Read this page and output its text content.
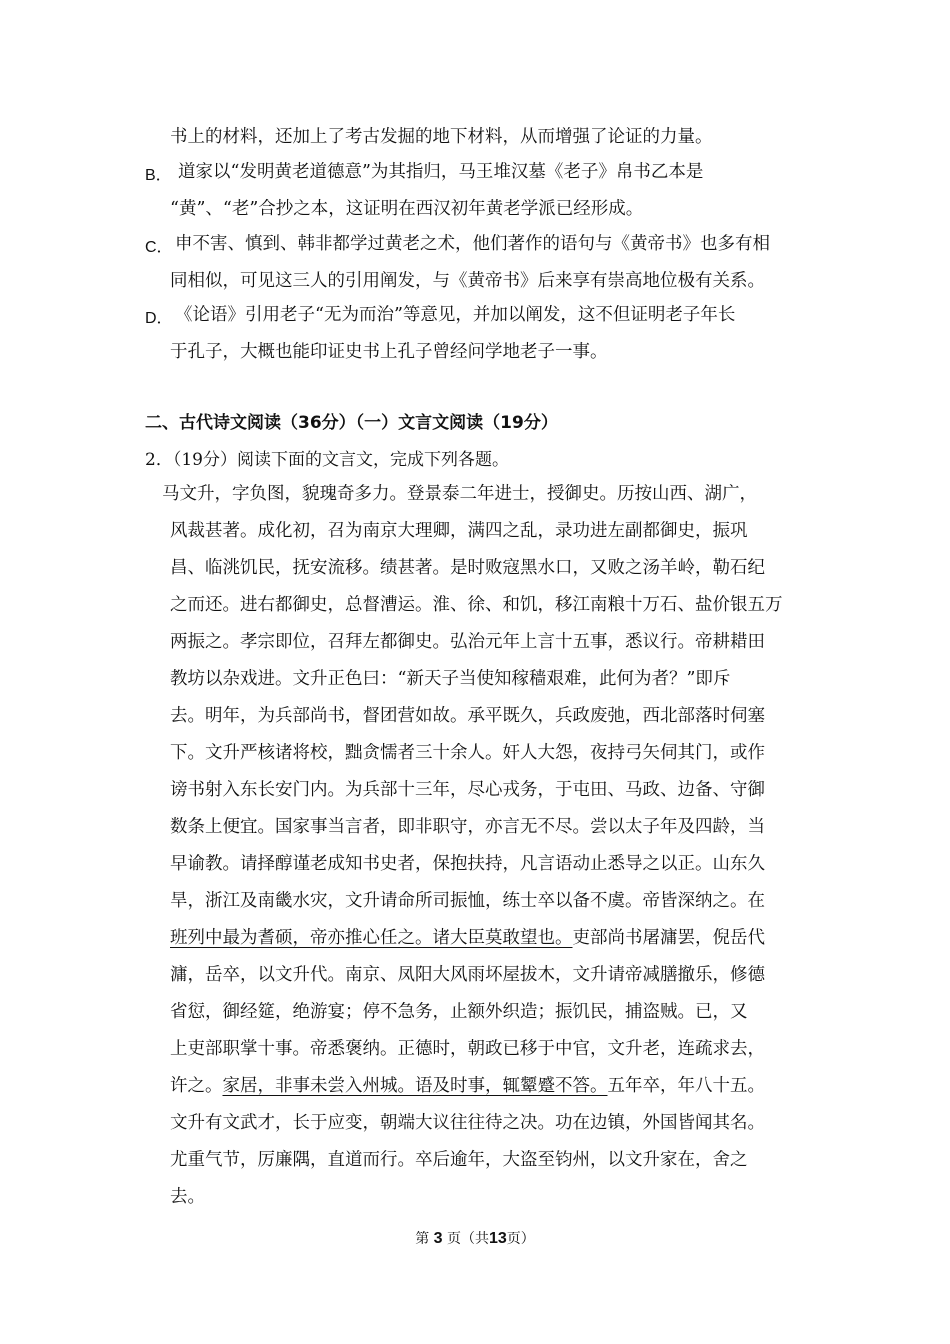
书上的材料，还加上了考古发掘的地下材料，从而增强了论证的力量。
B． 道家以“发明黄老道德意”为其指归，马王堆汉墓《老子》帛书乙本是
“黄”、“老”合抄之本，这证明在西汉初年黄老学派已经形成。
C． 申不害、慎到、韩非都学过黄老之术，他们著作的语句与《黄帝书》也多有相
同相似，可见这三人的引用阐发，与《黄帝书》后来享有崇高地位极有关系。
D． 《论语》引用老子“无为而治”等意见，并加以阐发，这不但证明老子年长
于孔子，大概也能印证史书上孔子曾经问学地老子一事。
二、古代诗文阅读（36分）（一）文言文阅读（19分）
2．（19分）阅读下面的文言文，完成下列各题。
马文升，字负图，貌瑰奇多力。登景泰二年进士，授御史。历按山西、湖广，
风裁甚著。成化初，召为南京大理卿，满四之乱，录功进左副都御史，振巩
昌、临洮饥民，抚安流移。绩甚著。是时败寇黑水口，又败之汤羊岭，勒石纪
之而还。进右都御史，总督漕运。淮、徐、和饥，移江南粮十万石、盐价银五万
两振之。孝宗即位，召拜左都御史。弘治元年上言十五事，悉议行。帝耕耤田
教坊以杂戏进。文升正色曰：“新天子当使知稼穑艰难，此何为者？”即斥
去。明年，为兵部尚书，督团营如故。承平既久，兵政废弛，西北部落时伺塞
下。文升严核诸将校，黜贪懦者三十余人。奸人大怨，夜持弓矢伺其门，或作
谤书射入东长安门内。为兵部十三年，尽心戎务，于屯田、马政、边备、守御
数条上便宜。国家事当言者，即非职守，亦言无不尽。尝以太子年及四龄，当
早谕教。请择醇谨老成知书史者，保抱扶持，凡言语动止悉导之以正。山东久
旱，浙江及南畿水灾，文升请命所司振恤，练士卒以备不虞。帝皆深纳之。在
班列中最为耆硕，帝亦推心任之。诸大臣莫敢望也。吏部尚书屠滽罢，倪岳代
滽，岳卒，以文升代。南京、凤阳大风雨坏屋拔木，文升请帝减膳撤乐，修德
省愆，御经筵，绝游宴；停不急务，止额外织造；振饥民，捕盗贼。已，又
上吏部职掌十事。帝悉褒纳。正德时，朝政已移于中官，文升老，连疏求去，
许之。家居，非事未尝入州城。语及时事，辄颦蹙不答。五年卒，年八十五。
文升有文武才，长于应变，朝端大议往往待之决。功在边镇，外国皆闻其名。
尤重气节，厉廉隅，直道而行。卒后逾年，大盗至钧州，以文升家在，舍之
去。
第 3 页（共13页）
